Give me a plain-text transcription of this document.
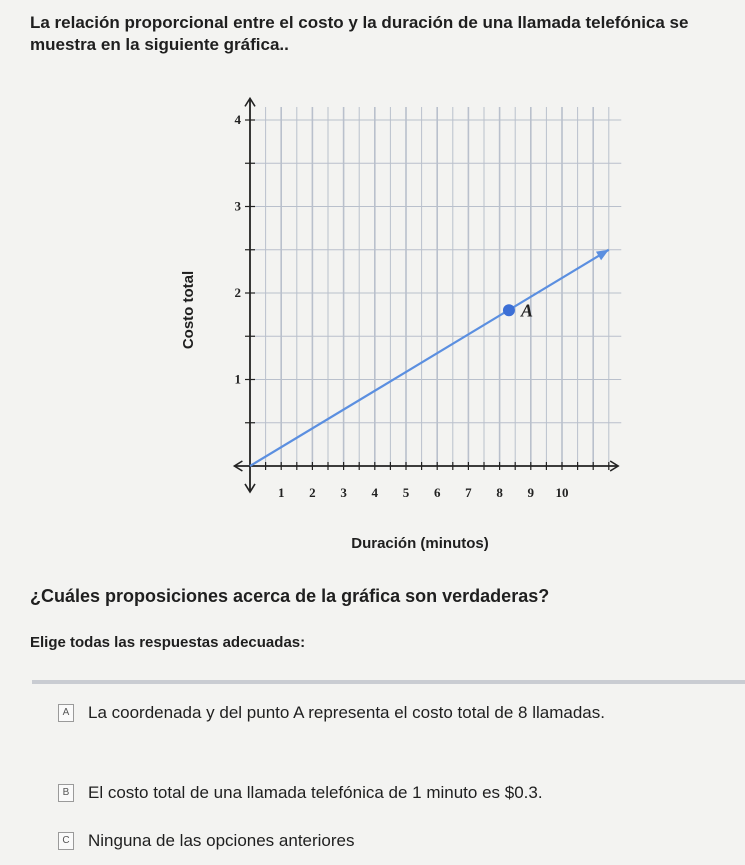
La relación proporcional entre el costo y la duración de una llamada telefónica se muestra en la siguiente gráfica..
1 2 3 4 5 6 7 8 9 10
1
2
3
4
A
Duración (minutos)
Costo total
¿Cuáles proposiciones acerca de la gráfica son verdaderas?
Elige todas las respuestas adecuadas:
A La coordenada y del punto A representa el costo total de 8 llamadas.
B El costo total de una llamada telefónica de 1 minuto es $0.3.
C Ninguna de las opciones anteriores
